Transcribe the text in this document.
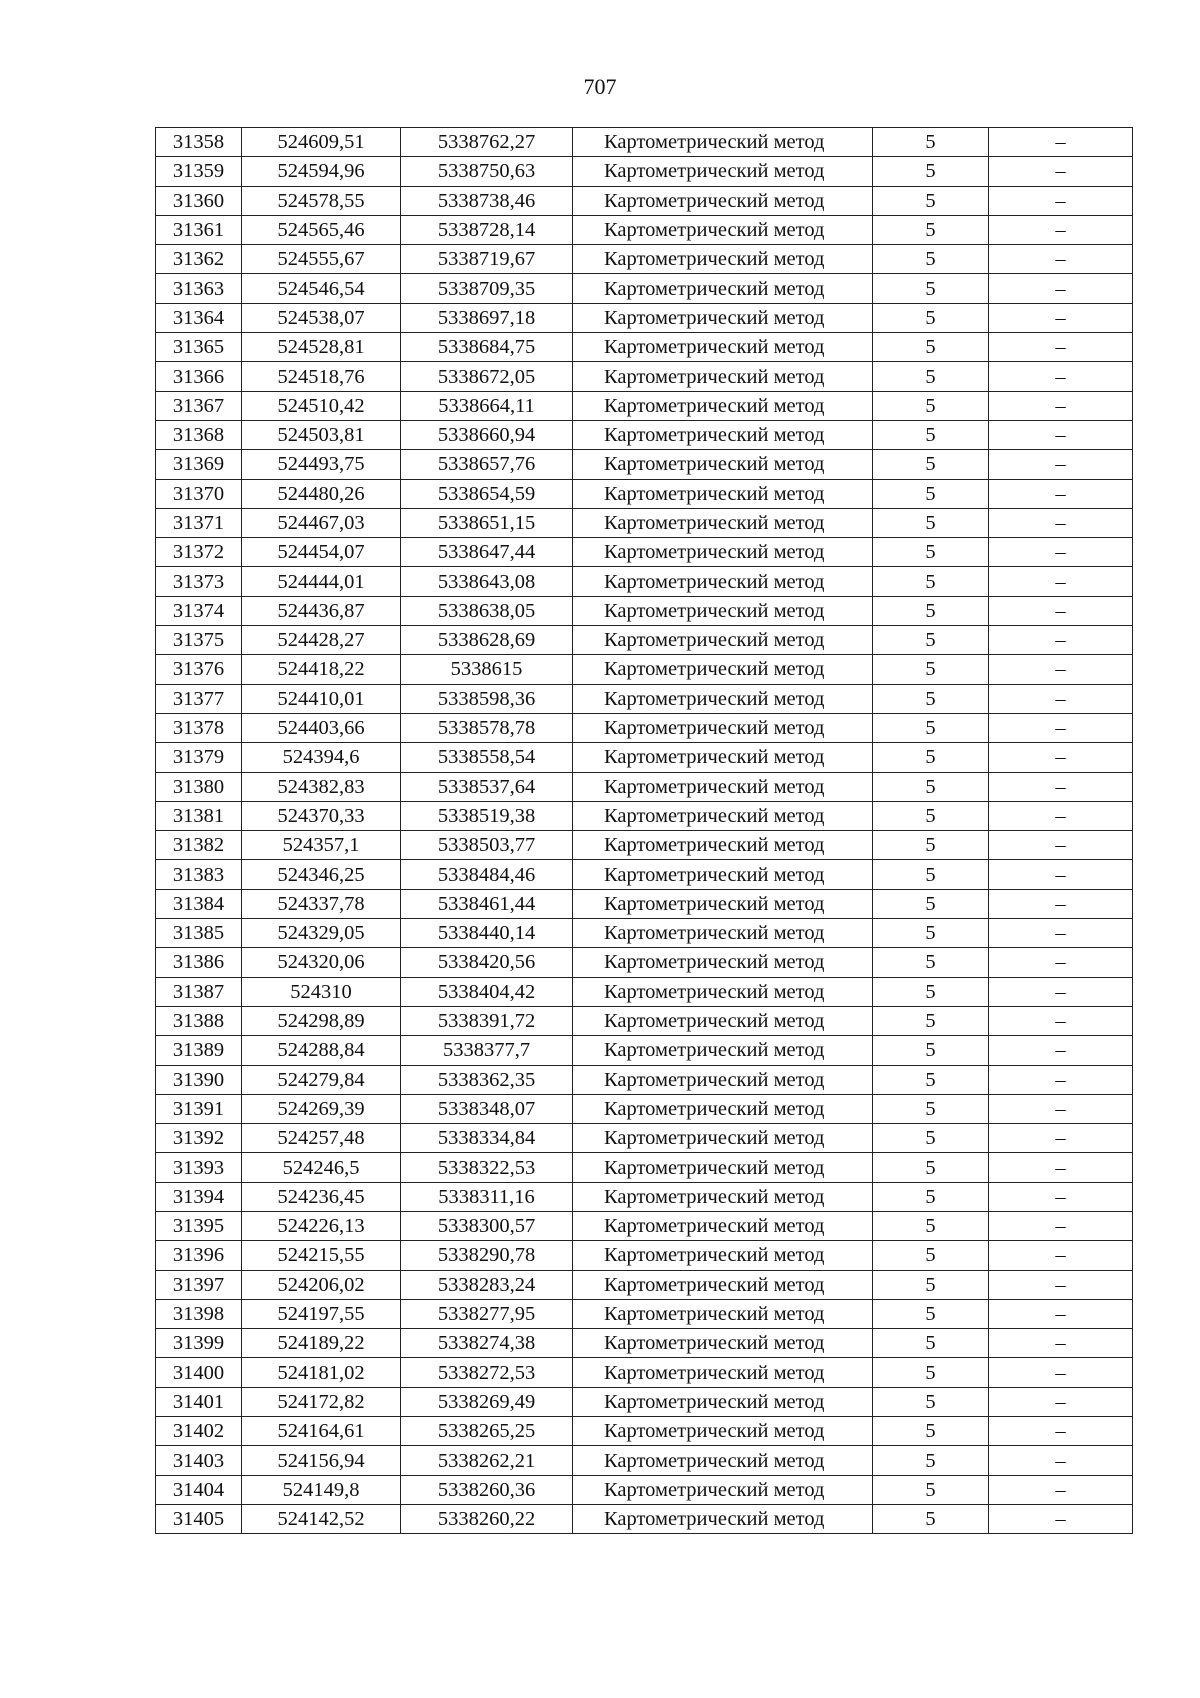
707
31358	524609,51	5338762,27	Картометрический метод	5	–
31359	524594,96	5338750,63	Картометрический метод	5	–
31360	524578,55	5338738,46	Картометрический метод	5	–
31361	524565,46	5338728,14	Картометрический метод	5	–
31362	524555,67	5338719,67	Картометрический метод	5	–
31363	524546,54	5338709,35	Картометрический метод	5	–
31364	524538,07	5338697,18	Картометрический метод	5	–
31365	524528,81	5338684,75	Картометрический метод	5	–
31366	524518,76	5338672,05	Картометрический метод	5	–
31367	524510,42	5338664,11	Картометрический метод	5	–
31368	524503,81	5338660,94	Картометрический метод	5	–
31369	524493,75	5338657,76	Картометрический метод	5	–
31370	524480,26	5338654,59	Картометрический метод	5	–
31371	524467,03	5338651,15	Картометрический метод	5	–
31372	524454,07	5338647,44	Картометрический метод	5	–
31373	524444,01	5338643,08	Картометрический метод	5	–
31374	524436,87	5338638,05	Картометрический метод	5	–
31375	524428,27	5338628,69	Картометрический метод	5	–
31376	524418,22	5338615	Картометрический метод	5	–
31377	524410,01	5338598,36	Картометрический метод	5	–
31378	524403,66	5338578,78	Картометрический метод	5	–
31379	524394,6	5338558,54	Картометрический метод	5	–
31380	524382,83	5338537,64	Картометрический метод	5	–
31381	524370,33	5338519,38	Картометрический метод	5	–
31382	524357,1	5338503,77	Картометрический метод	5	–
31383	524346,25	5338484,46	Картометрический метод	5	–
31384	524337,78	5338461,44	Картометрический метод	5	–
31385	524329,05	5338440,14	Картометрический метод	5	–
31386	524320,06	5338420,56	Картометрический метод	5	–
31387	524310	5338404,42	Картометрический метод	5	–
31388	524298,89	5338391,72	Картометрический метод	5	–
31389	524288,84	5338377,7	Картометрический метод	5	–
31390	524279,84	5338362,35	Картометрический метод	5	–
31391	524269,39	5338348,07	Картометрический метод	5	–
31392	524257,48	5338334,84	Картометрический метод	5	–
31393	524246,5	5338322,53	Картометрический метод	5	–
31394	524236,45	5338311,16	Картометрический метод	5	–
31395	524226,13	5338300,57	Картометрический метод	5	–
31396	524215,55	5338290,78	Картометрический метод	5	–
31397	524206,02	5338283,24	Картометрический метод	5	–
31398	524197,55	5338277,95	Картометрический метод	5	–
31399	524189,22	5338274,38	Картометрический метод	5	–
31400	524181,02	5338272,53	Картометрический метод	5	–
31401	524172,82	5338269,49	Картометрический метод	5	–
31402	524164,61	5338265,25	Картометрический метод	5	–
31403	524156,94	5338262,21	Картометрический метод	5	–
31404	524149,8	5338260,36	Картометрический метод	5	–
31405	524142,52	5338260,22	Картометрический метод	5	–
